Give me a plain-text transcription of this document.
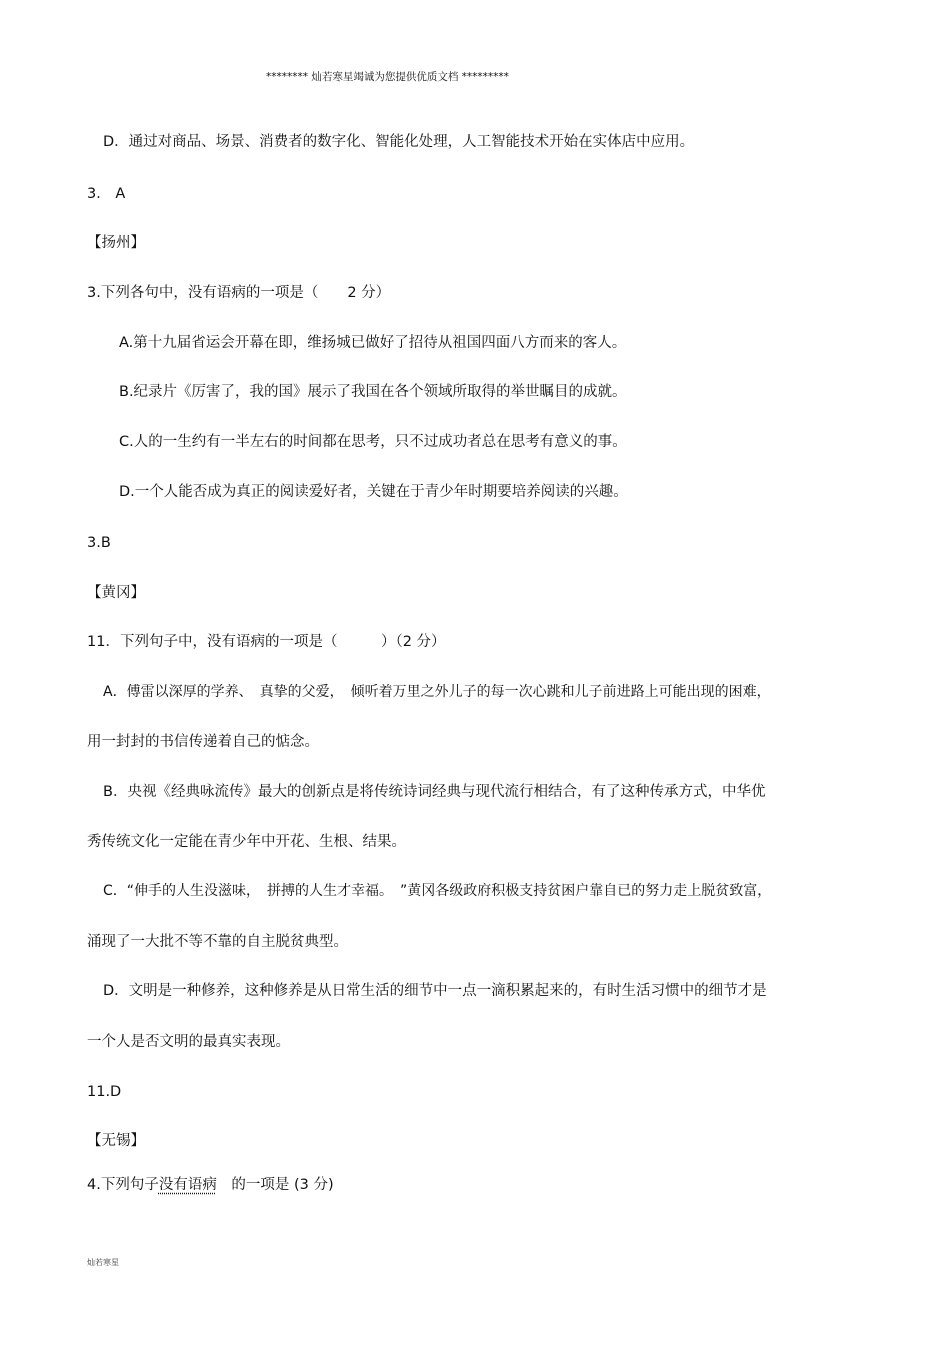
******** 灿若寒星竭诚为您提供优质文档 *********
D．通过对商品、场景、消费者的数字化、智能化处理，人工智能技术开始在实体店中应用。
3． A
【扬州】
3.下列各句中，没有语病的一项是（　　2 分）
A.第十九届省运会开幕在即，维扬城已做好了招待从祖国四面八方而来的客人。
B.纪录片《厉害了，我的国》展示了我国在各个领域所取得的举世瞩目的成就。
C.人的一生约有一半左右的时间都在思考，只不过成功者总在思考有意义的事。
D.一个人能否成为真正的阅读爱好者，关键在于青少年时期要培养阅读的兴趣。
3.B
【黄冈】
11．下列句子中，没有语病的一项是（　　　）（2 分）
A．傅雷以深厚的学养、　真挚的父爱，　倾听着万里之外儿子的每一次心跳和儿子前进路上可能出现的困难，
用一封封的书信传递着自己的惦念。
B．央视《经典咏流传》最大的创新点是将传统诗词经典与现代流行相结合，有了这种传承方式，中华优
秀传统文化一定能在青少年中开花、生根、结果。
C．“伸手的人生没滋味，　拼搏的人生才幸福。　”黄冈各级政府积极支持贫困户靠自已的努力走上脱贫致富，
涌现了一大批不等不靠的自主脱贫典型。
D．文明是一种修养，这种修养是从日常生活的细节中一点一滴积累起来的，有时生活习惯中的细节才是
一个人是否文明的最真实表现。
11.D
【无锡】
4.下列句子没有语病　的一项是 (3 分)
灿若寒星
